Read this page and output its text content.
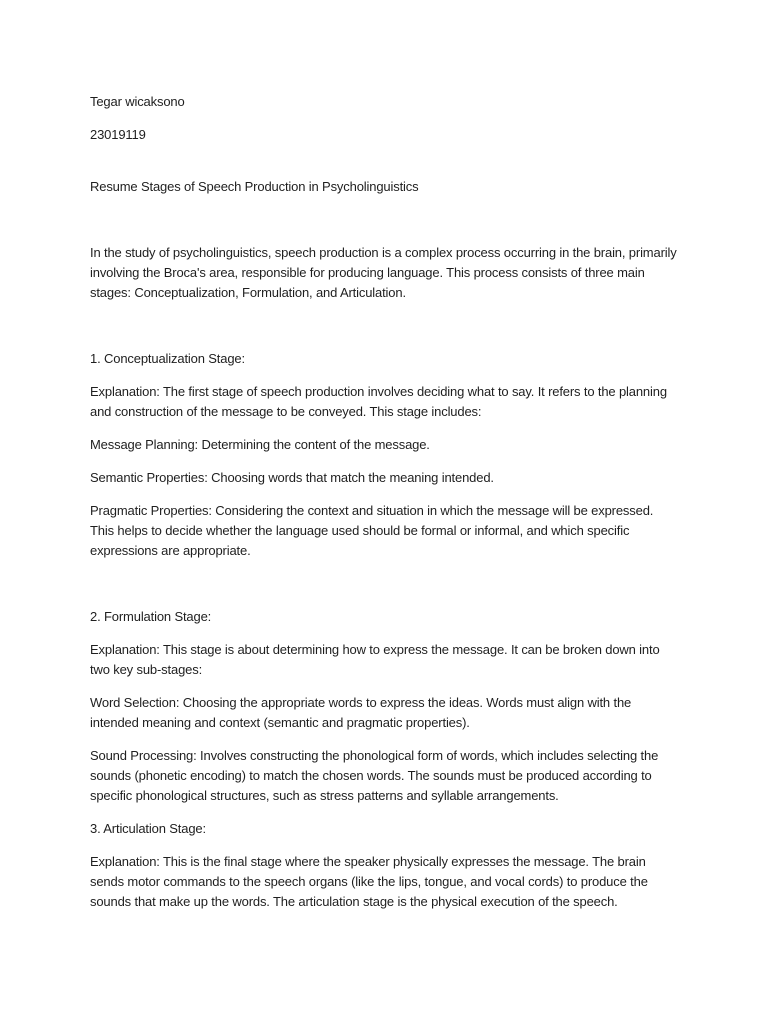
Tegar wicaksono

23019119

Resume Stages of Speech Production in Psycholinguistics

In the study of psycholinguistics, speech production is a complex process occurring in the brain, primarily involving the Broca's area, responsible for producing language. This process consists of three main stages: Conceptualization, Formulation, and Articulation.

1. Conceptualization Stage:

Explanation: The first stage of speech production involves deciding what to say. It refers to the planning and construction of the message to be conveyed. This stage includes:

Message Planning: Determining the content of the message.

Semantic Properties: Choosing words that match the meaning intended.

Pragmatic Properties: Considering the context and situation in which the message will be expressed. This helps to decide whether the language used should be formal or informal, and which specific expressions are appropriate.

2. Formulation Stage:

Explanation: This stage is about determining how to express the message. It can be broken down into two key sub-stages:

Word Selection: Choosing the appropriate words to express the ideas. Words must align with the intended meaning and context (semantic and pragmatic properties).

Sound Processing: Involves constructing the phonological form of words, which includes selecting the sounds (phonetic encoding) to match the chosen words. The sounds must be produced according to specific phonological structures, such as stress patterns and syllable arrangements.

3. Articulation Stage:

Explanation: This is the final stage where the speaker physically expresses the message. The brain sends motor commands to the speech organs (like the lips, tongue, and vocal cords) to produce the sounds that make up the words. The articulation stage is the physical execution of the speech.
